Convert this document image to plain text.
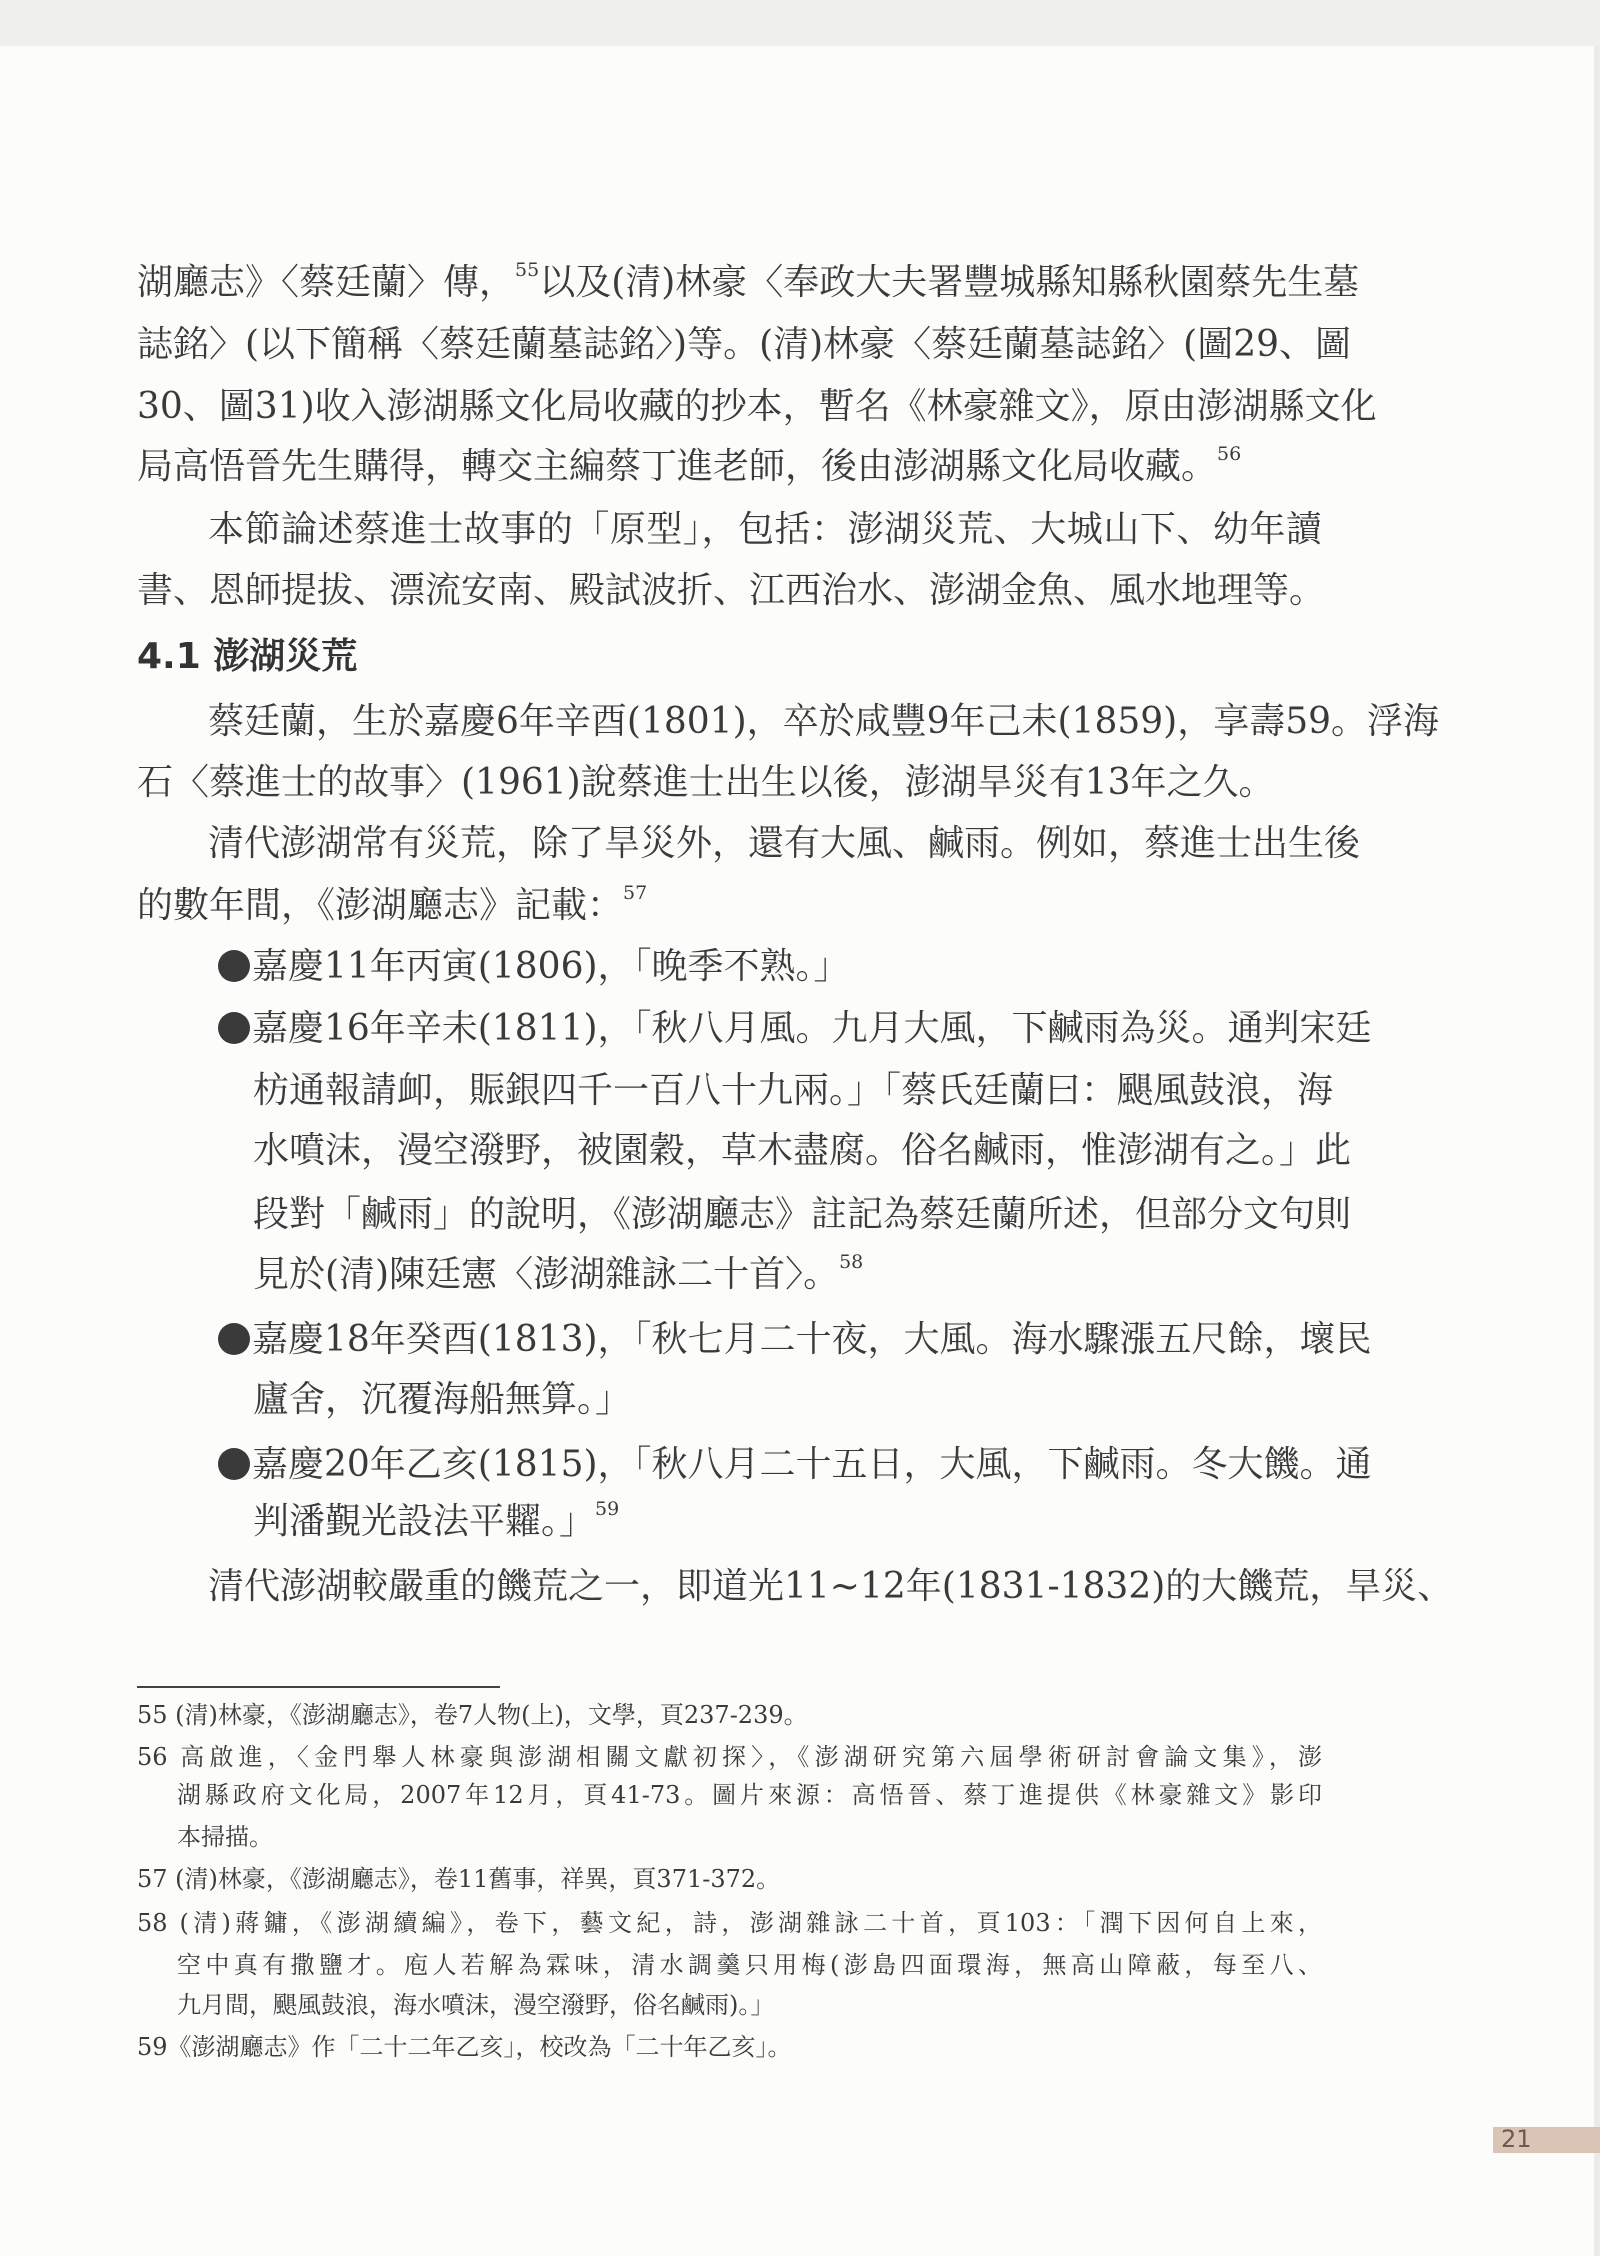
湖廳志》〈蔡廷蘭〉傳，$^{55}$以及(清)林豪〈奉政大夫署豐城縣知縣秋園蔡先生墓
誌銘〉(以下簡稱〈蔡廷蘭墓誌銘〉)等。(清)林豪〈蔡廷蘭墓誌銘〉(圖29、圖
30、圖31)收入澎湖縣文化局收藏的抄本，暫名《林豪雜文》，原由澎湖縣文化
局高悟晉先生購得，轉交主編蔡丁進老師，後由澎湖縣文化局收藏。$^{56}$
本節論述蔡進士故事的「原型」，包括：澎湖災荒、大城山下、幼年讀
書、恩師提拔、漂流安南、殿試波折、江西治水、澎湖金魚、風水地理等。
4.1 澎湖災荒
蔡廷蘭，生於嘉慶6年辛酉(1801)，卒於咸豐9年己未(1859)，享壽59。浮海
石〈蔡進士的故事〉(1961)說蔡進士出生以後，澎湖旱災有13年之久。
清代澎湖常有災荒，除了旱災外，還有大風、鹹雨。例如，蔡進士出生後
的數年間，《澎湖廳志》記載：$^{57}$
嘉慶11年丙寅(1806)，「晚季不熟。」
嘉慶16年辛未(1811)，「秋八月風。九月大風，下鹹雨為災。通判宋廷
枋通報請卹，賑銀四千一百八十九兩。」「蔡氏廷蘭曰：颶風鼓浪，海
水噴沫，漫空潑野，被園穀，草木盡腐。俗名鹹雨，惟澎湖有之。」此
段對「鹹雨」的說明，《澎湖廳志》註記為蔡廷蘭所述，但部分文句則
見於(清)陳廷憲〈澎湖雜詠二十首〉。$^{58}$
嘉慶18年癸酉(1813)，「秋七月二十夜，大風。海水驟漲五尺餘，壞民
廬舍，沉覆海船無算。」
嘉慶20年乙亥(1815)，「秋八月二十五日，大風，下鹹雨。冬大饑。通
判潘覲光設法平糶。」$^{59}$
清代澎湖較嚴重的饑荒之一，即道光11~12年(1831-1832)的大饑荒，旱災、
55 (清)林豪，《澎湖廳志》，卷7人物(上)，文學，頁237-239。
56 高啟進，〈金門舉人林豪與澎湖相關文獻初探〉，《澎湖研究第六屆學術研討會論文集》，澎
湖縣政府文化局，2007年12月，頁41-73。圖片來源：高悟晉、蔡丁進提供《林豪雜文》影印
本掃描。
57 (清)林豪，《澎湖廳志》，卷11舊事，祥異，頁371-372。
58 (清)蔣鏞，《澎湖續編》，卷下，藝文紀，詩，澎湖雜詠二十首，頁103：「潤下因何自上來，
空中真有撒鹽才。庖人若解為霖味，清水調羹只用梅(澎島四面環海，無高山障蔽，每至八、
九月間，颶風鼓浪，海水噴沫，漫空潑野，俗名鹹雨)。」
59《澎湖廳志》作「二十二年乙亥」，校改為「二十年乙亥」。
21
